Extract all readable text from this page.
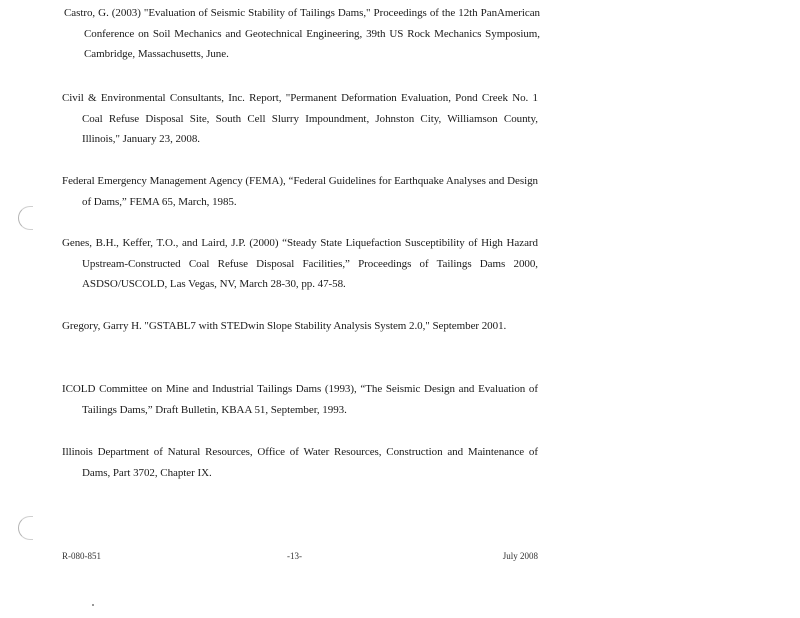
Castro, G. (2003) "Evaluation of Seismic Stability of Tailings Dams," Proceedings of the 12th PanAmerican Conference on Soil Mechanics and Geotechnical Engineering, 39th US Rock Mechanics Symposium, Cambridge, Massachusetts, June.
Civil & Environmental Consultants, Inc. Report, "Permanent Deformation Evaluation, Pond Creek No. 1 Coal Refuse Disposal Site, South Cell Slurry Impoundment, Johnston City, Williamson County, Illinois," January 23, 2008.
Federal Emergency Management Agency (FEMA), “Federal Guidelines for Earthquake Analyses and Design of Dams,” FEMA 65, March, 1985.
Genes, B.H., Keffer, T.O., and Laird, J.P. (2000) “Steady State Liquefaction Susceptibility of High Hazard Upstream-Constructed Coal Refuse Disposal Facilities,” Proceedings of Tailings Dams 2000, ASDSO/USCOLD, Las Vegas, NV, March 28-30, pp. 47-58.
Gregory, Garry H. "GSTABL7 with STEDwin Slope Stability Analysis System 2.0," September 2001.
ICOLD Committee on Mine and Industrial Tailings Dams (1993), “The Seismic Design and Evaluation of Tailings Dams,” Draft Bulletin, KBAA 51, September, 1993.
Illinois Department of Natural Resources, Office of Water Resources, Construction and Maintenance of Dams, Part 3702, Chapter IX.
R-080-851	-13-	July 2008
